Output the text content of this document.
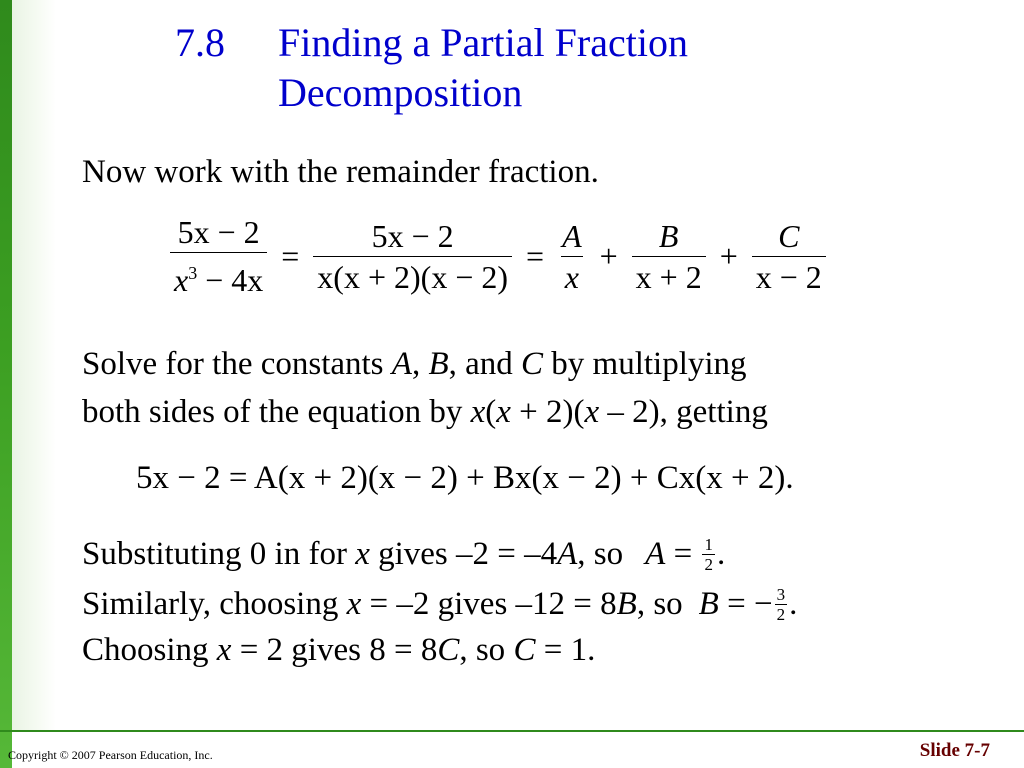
7.8 Finding a Partial Fraction Decomposition
Now work with the remainder fraction.
$\frac{5x - 2}{x^3 - 4x} = \frac{5x - 2}{x(x + 2)(x - 2)} = \frac{A}{x} + \frac{B}{x + 2} + \frac{C}{x - 2}$
Solve for the constants A, B, and C by multiplying
both sides of the equation by x(x + 2)(x – 2), getting
5x − 2 = A(x + 2)(x − 2) + Bx(x − 2) + Cx(x + 2).
Substituting 0 in for x gives –2 = –4 A , so $A = \frac{1}{2}$ .
Similarly, choosing x = –2 gives –12 = 8 B , so B = − $\frac{3}{2}$ .
Choosing x = 2 gives 8 = 8C, so C = 1.
Copyright © 2007 Pearson Education, Inc.	Slide 7-7
